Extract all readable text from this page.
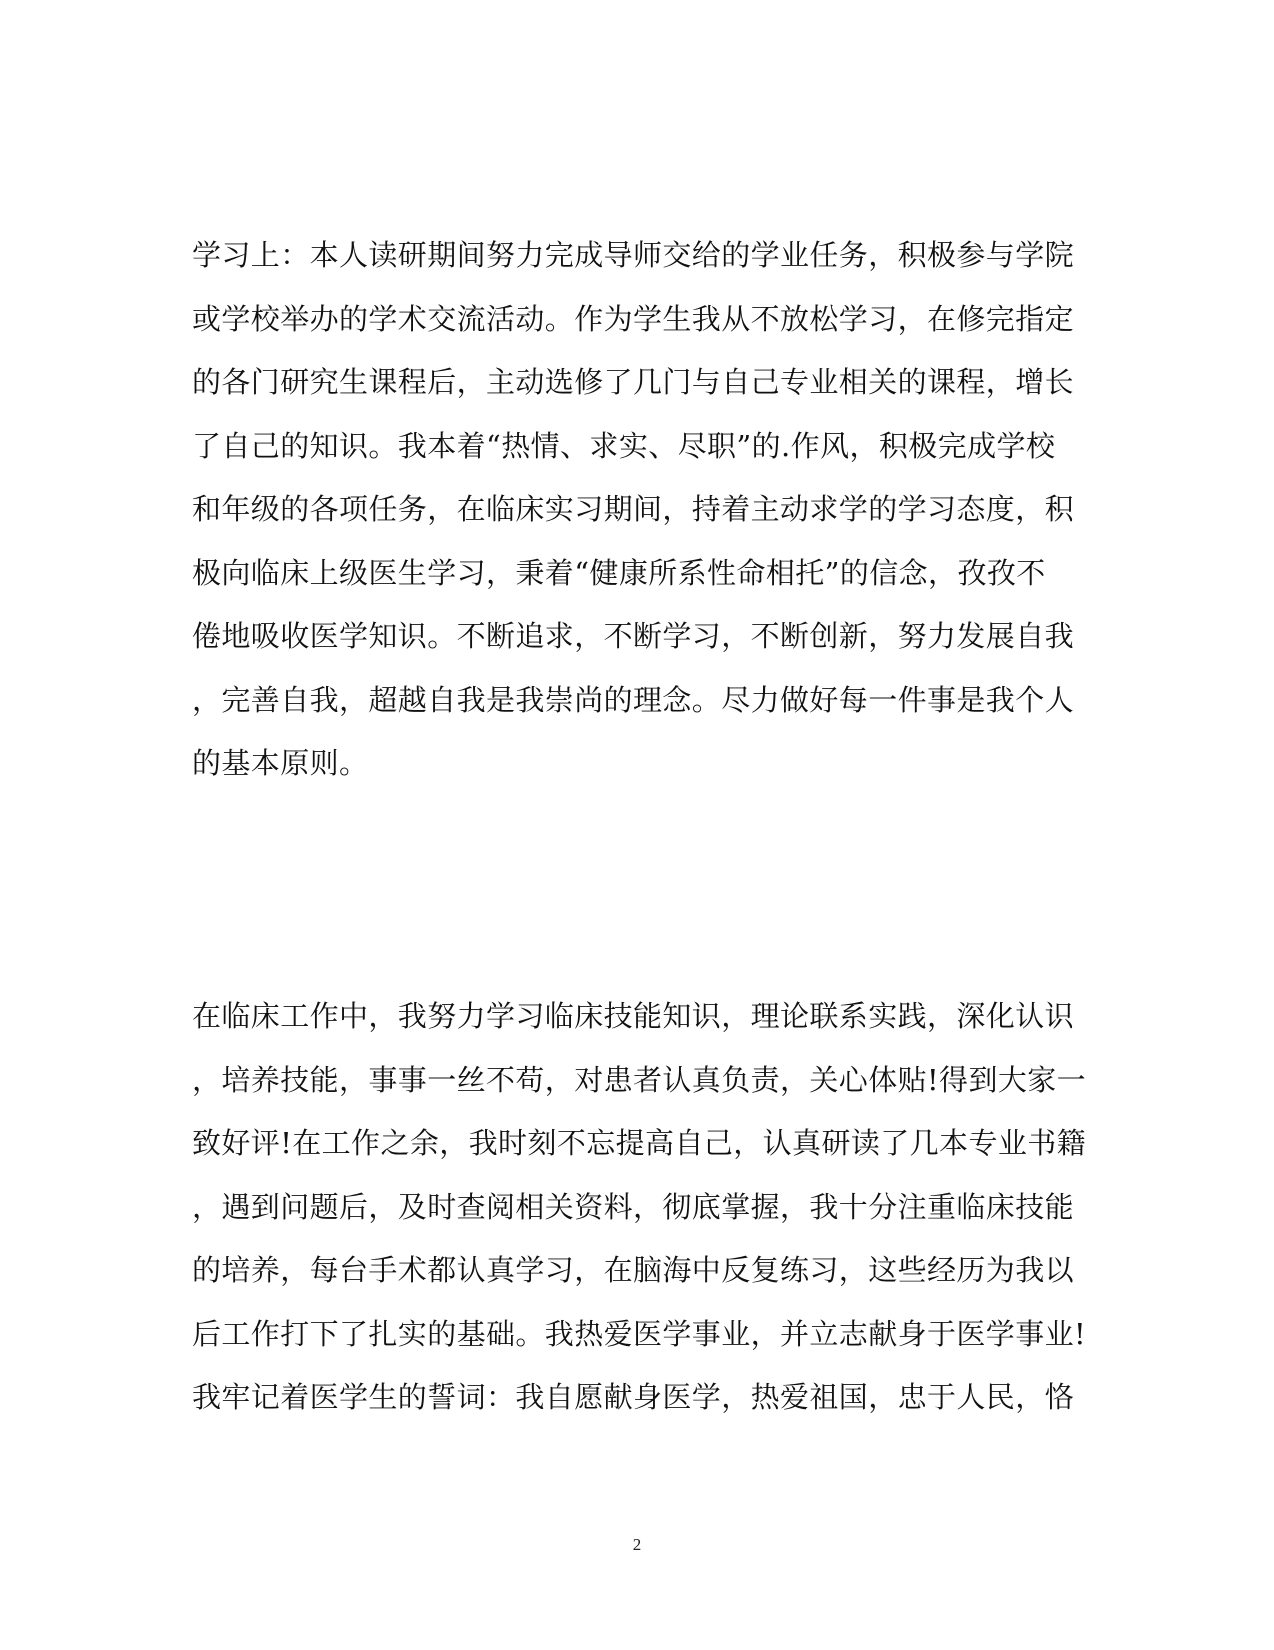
学习上：本人读研期间努力完成导师交给的学业任务，积极参与学院
或学校举办的学术交流活动。作为学生我从不放松学习，在修完指定
的各门研究生课程后，主动选修了几门与自己专业相关的课程，增长
了自己的知识。我本着“热情、求实、尽职”的.作风，积极完成学校
和年级的各项任务，在临床实习期间，持着主动求学的学习态度，积
极向临床上级医生学习，秉着“健康所系性命相托”的信念，孜孜不
倦地吸收医学知识。不断追求，不断学习，不断创新，努力发展自我
，完善自我，超越自我是我崇尚的理念。尽力做好每一件事是我个人
的基本原则。
在临床工作中，我努力学习临床技能知识，理论联系实践，深化认识
，培养技能，事事一丝不苟，对患者认真负责，关心体贴!得到大家一
致好评!在工作之余，我时刻不忘提高自己，认真研读了几本专业书籍
，遇到问题后，及时查阅相关资料，彻底掌握，我十分注重临床技能
的培养，每台手术都认真学习，在脑海中反复练习，这些经历为我以
后工作打下了扎实的基础。我热爱医学事业，并立志献身于医学事业!
我牢记着医学生的誓词：我自愿献身医学，热爱祖国，忠于人民，恪
2
